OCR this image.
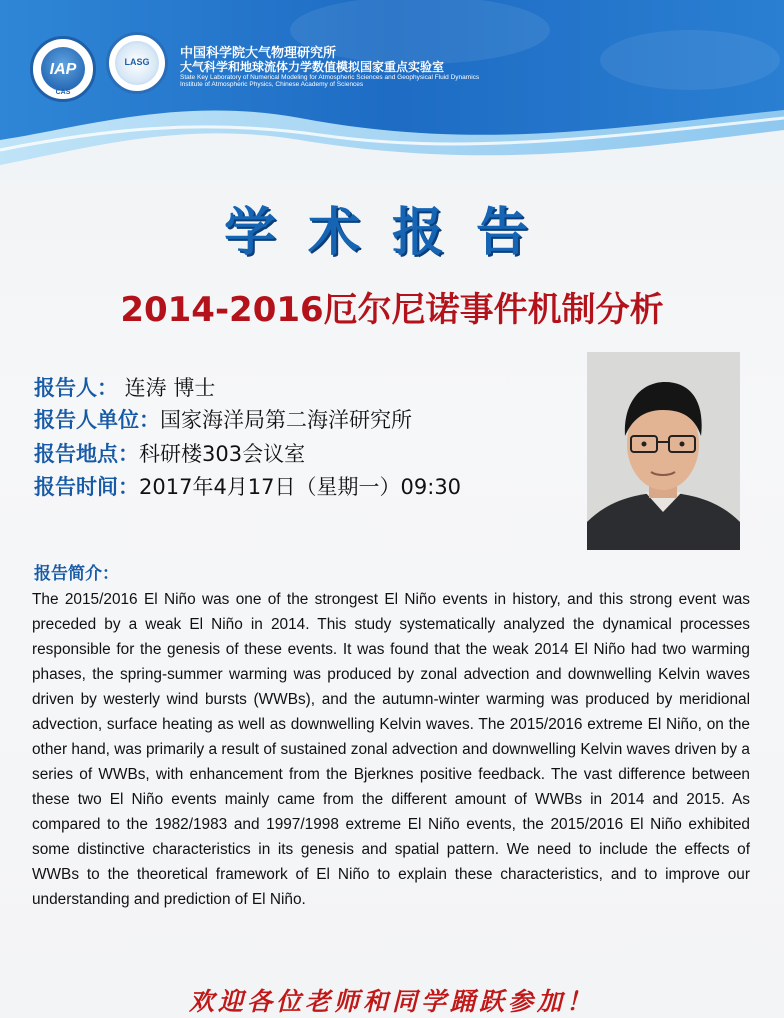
IAP
CAS
LASG
中国科学院大气物理研究所
大气科学和地球流体力学数值模拟国家重点实验室
State Key Laboratory of Numerical Modeling for Atmospheric Sciences and Geophysical Fluid Dynamics
Institute of Atmospheric Physics, Chinese Academy of Sciences
学术报告
2014-2016厄尔尼诺事件机制分析
报告人： 连涛 博士
报告人单位：国家海洋局第二海洋研究所
报告地点：科研楼303会议室
报告时间：2017年4月17日（星期一）09:30
报告简介：
The 2015/2016 El Niño was one of the strongest El Niño events in history, and this strong event was preceded by a weak El Niño in 2014. This study systematically analyzed the dynamical processes responsible for the genesis of these events. It was found that the weak 2014 El Niño had two warming phases, the spring-summer warming was produced by zonal advection and downwelling Kelvin waves driven by westerly wind bursts (WWBs), and the autumn-winter warming was produced by meridional advection, surface heating as well as downwelling Kelvin waves. The 2015/2016 extreme El Niño, on the other hand, was primarily a result of sustained zonal advection and downwelling Kelvin waves driven by a series of WWBs, with enhancement from the Bjerknes positive feedback. The vast difference between these two El Niño events mainly came from the different amount of WWBs in 2014 and 2015. As compared to the 1982/1983 and 1997/1998 extreme El Niño events, the 2015/2016 El Niño exhibited some distinctive characteristics in its genesis and spatial pattern. We need to include the effects of WWBs to the theoretical framework of El Niño to explain these characteristics, and to improve our understanding and prediction of El Niño.
欢迎各位老师和同学踊跃参加！
